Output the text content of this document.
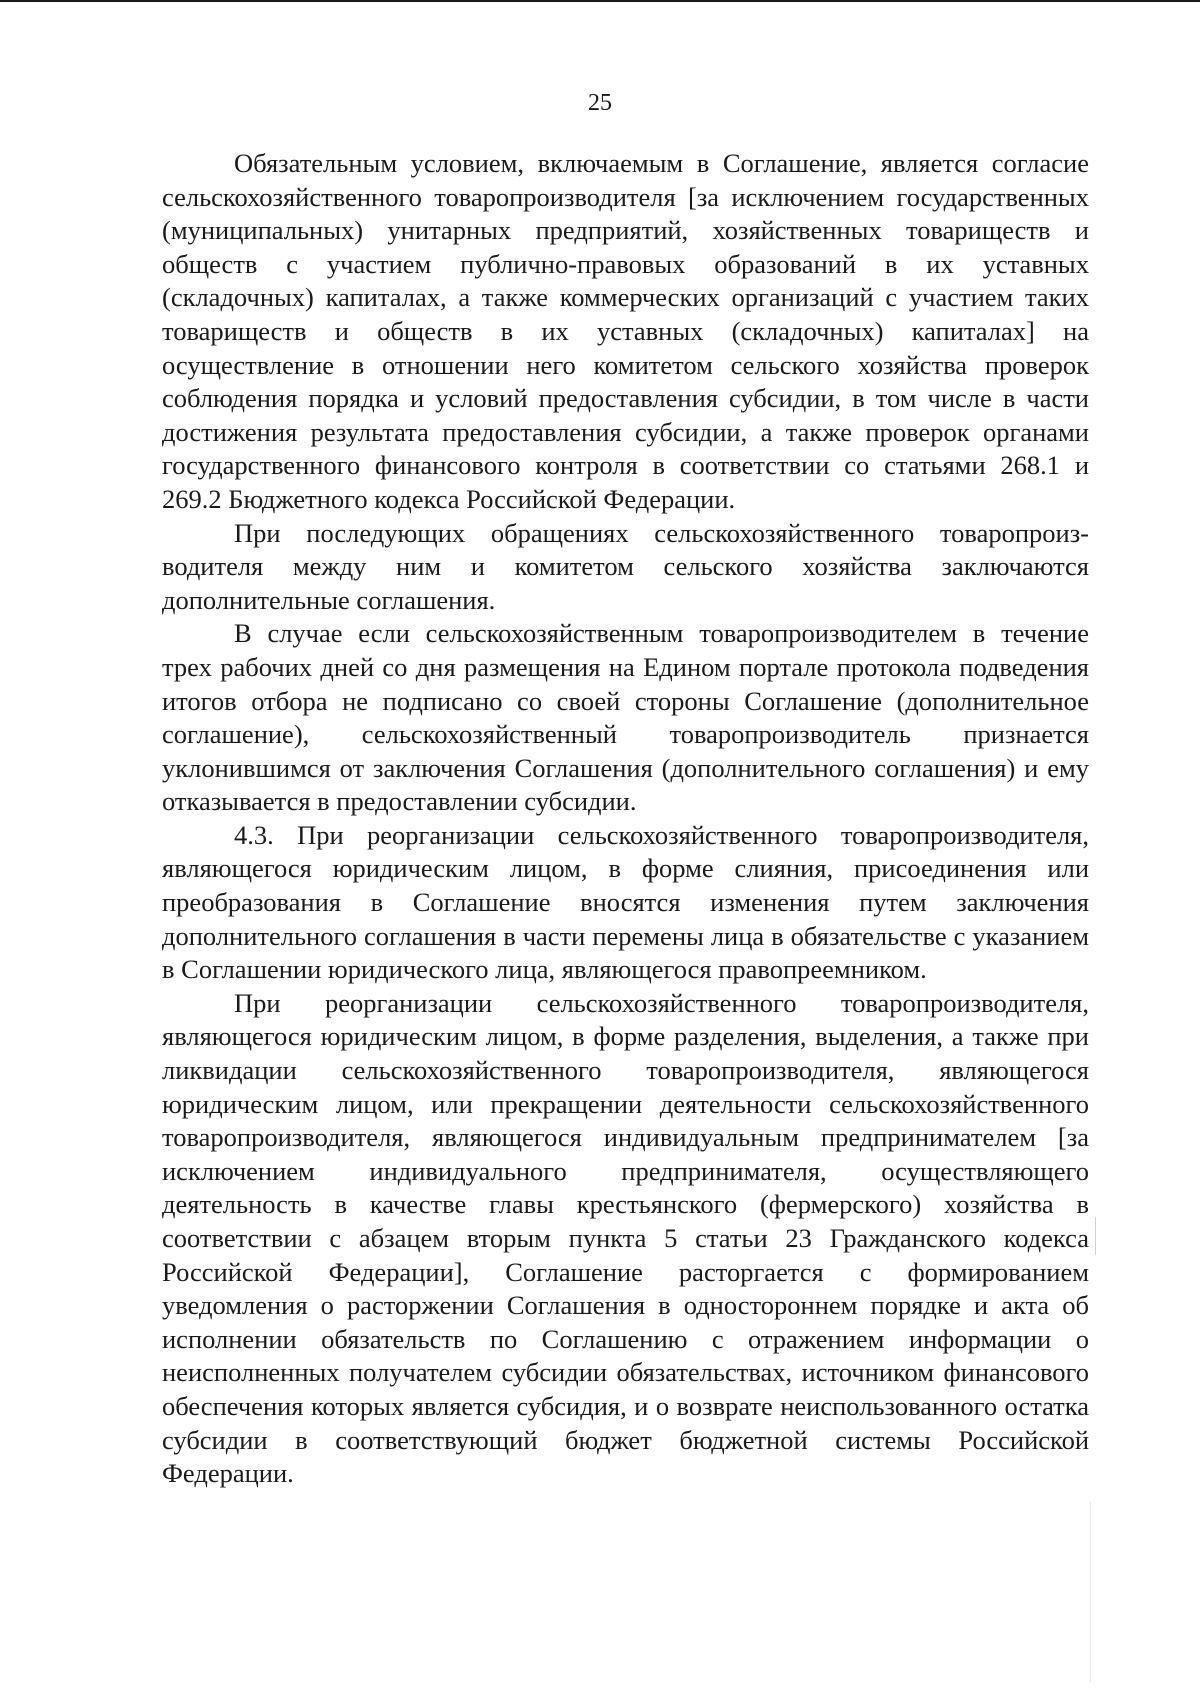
25

Обязательным условием, включаемым в Соглашение, является согласие сельскохозяйственного товаропроизводителя [за исключением государственных (муниципальных) унитарных предприятий, хозяйственных товариществ и обществ с участием публично-правовых образований в их уставных (складочных) капиталах, а также коммерческих организаций с участием таких товариществ и обществ в их уставных (складочных) капиталах] на осуществление в отношении него комитетом сельского хозяйства проверок соблюдения порядка и условий предоставления субсидии, в том числе в части достижения результата предоставления субсидии, а также проверок органами государственного финансового контроля в соответствии со статьями 268.1 и 269.2 Бюджетного кодекса Российской Федерации.

При последующих обращениях сельскохозяйственного товаропроизводителя между ним и комитетом сельского хозяйства заключаются дополнительные соглашения.

В случае если сельскохозяйственным товаропроизводителем в течение трех рабочих дней со дня размещения на Едином портале протокола подведения итогов отбора не подписано со своей стороны Соглашение (дополнительное соглашение), сельскохозяйственный товаропроизводитель признается уклонившимся от заключения Соглашения (дополнительного соглашения) и ему отказывается в предоставлении субсидии.

4.3. При реорганизации сельскохозяйственного товаропроизводителя, являющегося юридическим лицом, в форме слияния, присоединения или преобразования в Соглашение вносятся изменения путем заключения дополнительного соглашения в части перемены лица в обязательстве с указанием в Соглашении юридического лица, являющегося правопреемником.

При реорганизации сельскохозяйственного товаропроизводителя, являющегося юридическим лицом, в форме разделения, выделения, а также при ликвидации сельскохозяйственного товаропроизводителя, являющегося юридическим лицом, или прекращении деятельности сельскохозяйственного товаропроизводителя, являющегося индивидуальным предпринимателем [за исключением индивидуального предпринимателя, осуществляющего деятельность в качестве главы крестьянского (фермерского) хозяйства в соответствии с абзацем вторым пункта 5 статьи 23 Гражданского кодекса Российской Федерации], Соглашение расторгается с формированием уведомления о расторжении Соглашения в одностороннем порядке и акта об исполнении обязательств по Соглашению с отражением информации о неисполненных получателем субсидии обязательствах, источником финансового обеспечения которых является субсидия, и о возврате неиспользованного остатка субсидии в соответствующий бюджет бюджетной системы Российской Федерации.
